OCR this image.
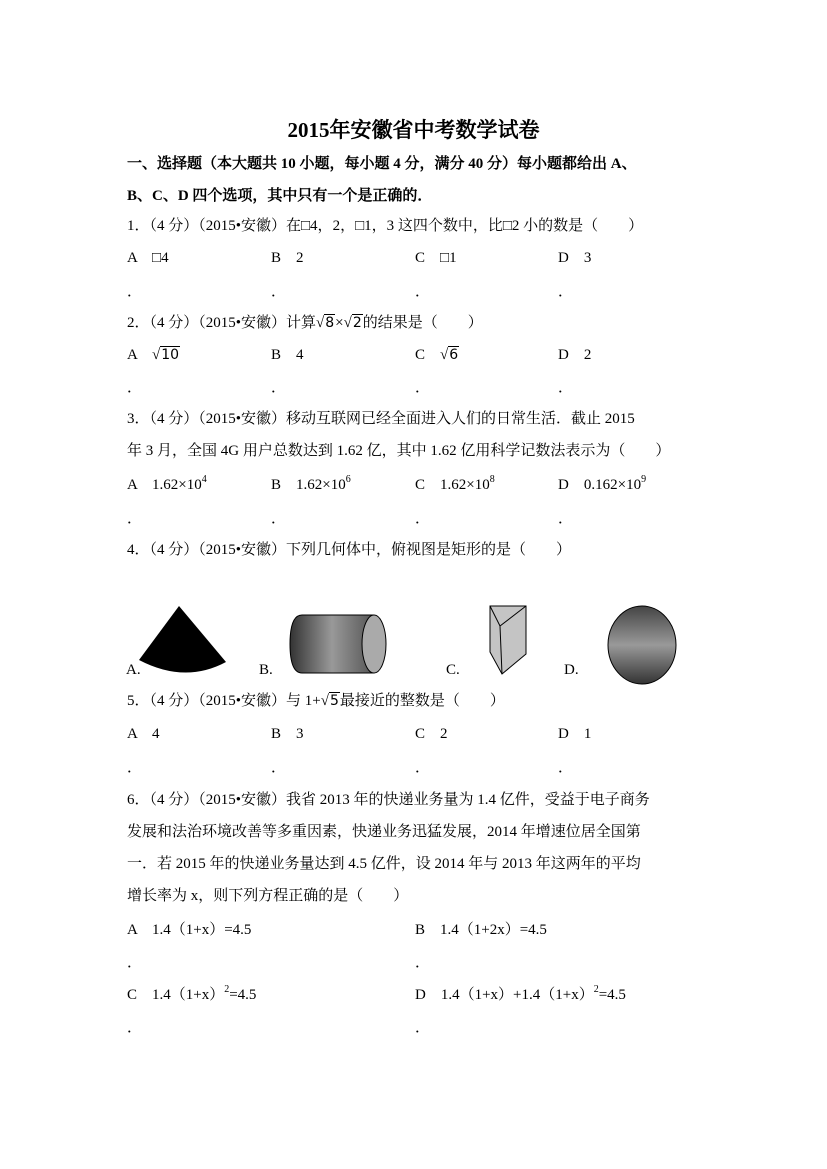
2015年安徽省中考数学试卷
一、选择题（本大题共 10 小题，每小题 4 分，满分 40 分）每小题都给出 A、
B、C、D 四个选项，其中只有一个是正确的．
1．（4 分）（2015•安徽）在□4，2，□1，3 这四个数中，比□2 小的数是（　　）
A　□4	B　2	C　□1	D　3
．	．	．	．
2．（4 分）（2015•安徽）计算√8×√2的结果是（　　）
A　 √10	B　 4	C　 √6	D　 2
．	．	．	．
3．（4 分）（2015•安徽）移动互联网已经全面进入人们的日常生活．截止 2015
年 3 月，全国 4G 用户总数达到 1.62 亿，其中 1.62 亿用科学记数法表示为（　　）
A　 $1.62\times 10^4$	B　 $1.62\times 10^6$	C　 $1.62\times 10^8$	D　 $0.162\times 10^9$
．	．	．	．
4．（4 分）（2015•安徽）下列几何体中，俯视图是矩形的是（　　）
A.	B.	C.	D.
5．（4 分）（2015•安徽）与 1+√5最接近的整数是（　　）
A　4	B　3	C　2	D　1
．	．	．	．
6．（4 分）（2015•安徽）我省 2013 年的快递业务量为 1.4 亿件，受益于电子商务
发展和法治环境改善等多重因素，快递业务迅猛发展，2014 年增速位居全国第
一．若 2015 年的快递业务量达到 4.5 亿件，设 2014 年与 2013 年这两年的平均
增长率为 x，则下列方程正确的是（　　）
A　1.4（1+x）=4.5	B　1.4（1+2x）=4.5
．	．
C　$1.4(1+x)^2=4.5$	D　$1.4(1+x)+1.4(1+x)^2=4.5$
．	．
